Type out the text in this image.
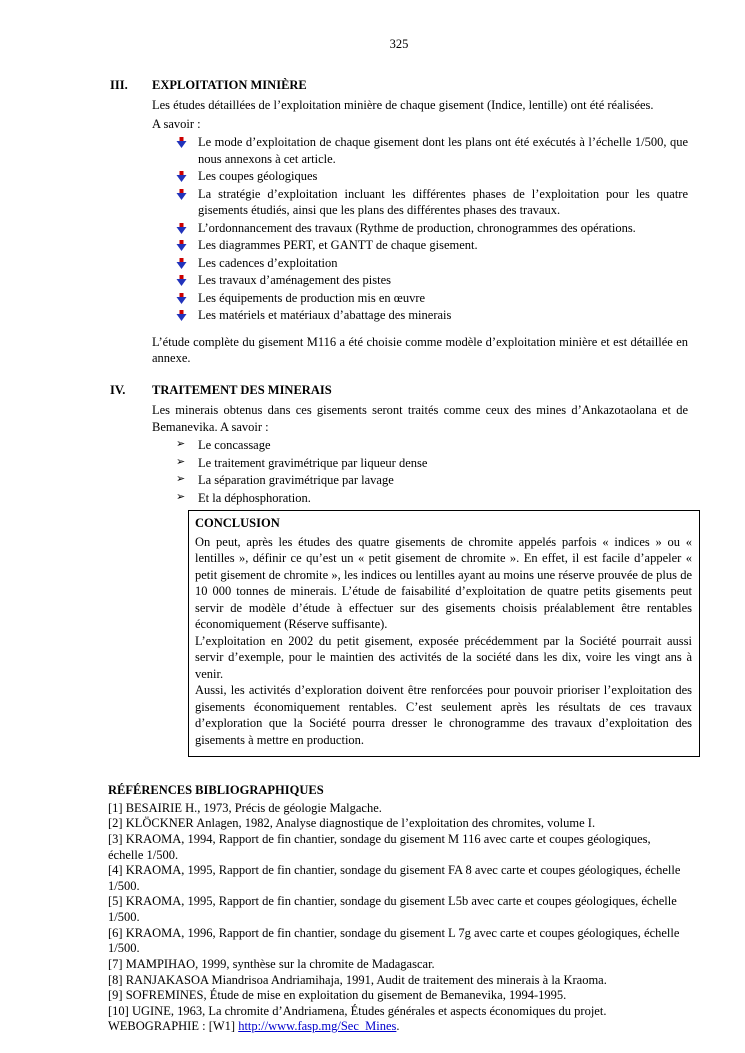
325
III.	EXPLOITATION MINIÈRE

Les études détaillées de l’exploitation minière de chaque gisement (Indice, lentille) ont été réalisées.

A savoir :

Le mode d’exploitation de chaque gisement dont les plans ont été exécutés à l’échelle 1/500, que nous annexons à cet article.
Les coupes géologiques
La stratégie d’exploitation incluant les différentes phases de l’exploitation pour les quatre gisements étudiés, ainsi que les plans des différentes phases des travaux.
L’ordonnancement des travaux (Rythme de production, chronogrammes des opérations.
Les diagrammes PERT, et GANTT de chaque gisement.
Les cadences d’exploitation
Les travaux d’aménagement des pistes
Les équipements de production mis en œuvre
Les matériels et matériaux d’abattage des minerais

L’étude complète du gisement M116 a été choisie comme modèle d’exploitation minière et est détaillée en annexe.

IV.	TRAITEMENT DES MINERAIS

Les minerais obtenus dans ces gisements seront traités comme ceux des mines d’Ankazotaolana et de Bemanevika. A savoir :

➢ Le concassage
➢ Le traitement gravimétrique par liqueur dense
➢ La séparation gravimétrique par lavage
➢ Et la déphosphoration.
CONCLUSION

On peut, après les études des quatre gisements de chromite appelés parfois « indices » ou « lentilles », définir ce qu’est un « petit gisement de chromite ». En effet, il est facile d’appeler « petit gisement de chromite », les indices ou lentilles ayant au moins une réserve prouvée de plus de 10 000 tonnes de minerais. L’étude de faisabilité d’exploitation de quatre petits gisements peut servir de modèle d’étude à effectuer sur des gisements choisis préalablement être rentables économiquement (Réserve suffisante).

L’exploitation en 2002 du petit gisement, exposée précédemment par la Société pourrait aussi servir d’exemple, pour le maintien des activités de la société dans les dix, voire les vingt ans à venir.

Aussi, les activités d’exploration doivent être renforcées pour pouvoir prioriser l’exploitation des gisements économiquement rentables. C’est seulement après les résultats de ces travaux d’exploration que la Société pourra dresser le chronogramme des travaux d’exploitation des gisements à mettre en production.

RÉFÉRENCES BIBLIOGRAPHIQUES

[1] BESAIRIE H., 1973, Précis de géologie Malgache.

[2] KLÖCKNER Anlagen, 1982, Analyse diagnostique de l’exploitation des chromites, volume I.

[3] KRAOMA, 1994, Rapport de fin chantier, sondage du gisement M 116 avec carte et coupes géologiques, échelle 1/500.

[4] KRAOMA, 1995, Rapport de fin chantier, sondage du gisement FA 8 avec carte et coupes géologiques, échelle 1/500.

[5] KRAOMA, 1995, Rapport de fin chantier, sondage du gisement L5b avec carte et coupes géologiques, échelle 1/500.

[6] KRAOMA, 1996, Rapport de fin chantier, sondage du gisement L 7g avec carte et coupes géologiques, échelle 1/500.

[7] MAMPIHAO, 1999, synthèse sur la chromite de Madagascar.

[8] RANJAKASOA Miandrisoa Andriamihaja, 1991, Audit de traitement des minerais à la Kraoma.

[9] SOFREMINES, Étude de mise en exploitation du gisement de Bemanevika, 1994-1995.

[10] UGINE, 1963, La chromite d’Andriamena, Études générales et aspects économiques du projet.

WEBOGRAPHIE : [W1] http://www.fasp.mg/Sec_Mines.
